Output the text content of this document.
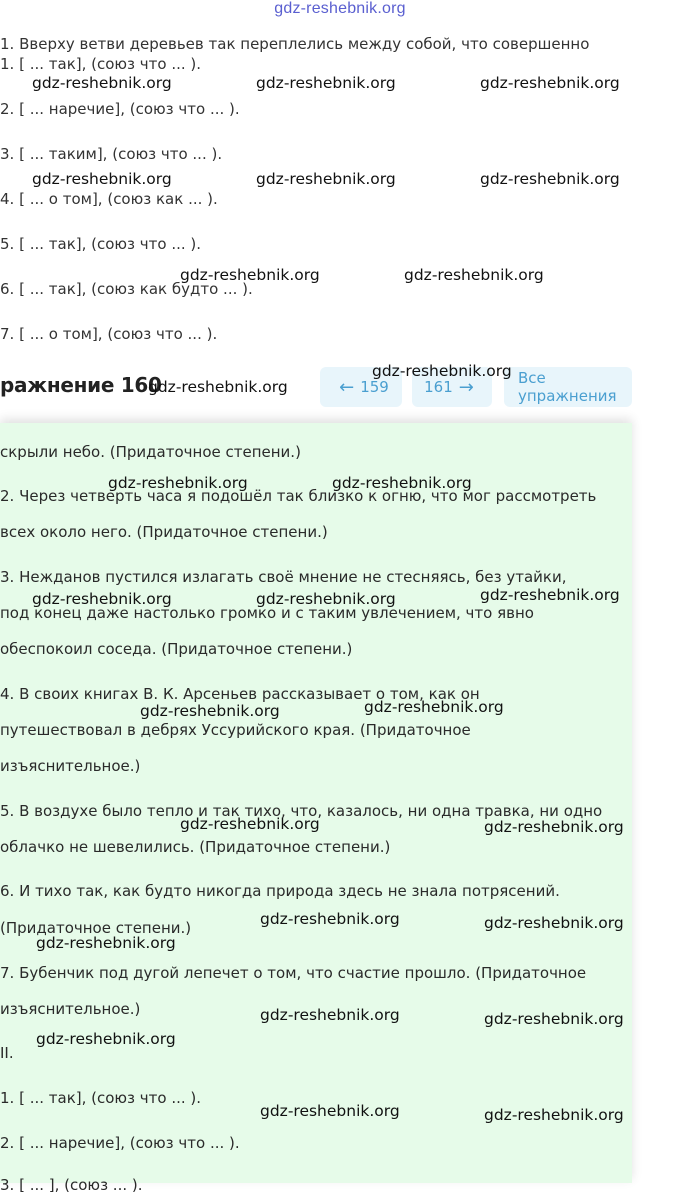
gdz-reshebnik.org
1. Вверху ветви деревьев так переплелись между собой, что совершенно
1. [ ... так], (союз что ... ).
2. [ ... наречие], (союз что ... ).
3. [ ... таким], (союз что ... ).
4. [ ... о том], (союз как ... ).
5. [ ... так], (союз что ... ).
6. [ ... так], (союз как будто ... ).
7. [ ... о том], (союз что ... ).
скрыли небо. (Придаточное степени.)
2. Через четверть часа я подошёл так близко к огню, что мог рассмотреть
всех около него. (Придаточное степени.)
3. Нежданов пустился излагать своё мнение не стесняясь, без утайки,
под конец даже настолько громко и с таким увлечением, что явно
обеспокоил соседа. (Придаточное степени.)
4. В своих книгах В. К. Арсеньев рассказывает о том, как он
путешествовал в дебрях Уссурийского края. (Придаточное
изъяснительное.)
5. В воздухе было тепло и так тихо, что, казалось, ни одна травка, ни одно
облачко не шевелились. (Придаточное степени.)
6. И тихо так, как будто никогда природа здесь не знала потрясений.
(Придаточное степени.)
7. Бубенчик под дугой лепечет о том, что счастие прошло. (Придаточное
изъяснительное.)
II.
1. [ ... так], (союз что ... ).
2. [ ... наречие], (союз что ... ).
3. [ ... ], (союз ... ).
ражнение 160	← 159 161 →	Все упражнения
gdz-reshebnik.org	gdz-reshebnik.org	gdz-reshebnik.org
gdz-reshebnik.org	gdz-reshebnik.org	gdz-reshebnik.org
gdz-reshebnik.org	gdz-reshebnik.org
gdz-reshebnik.org
gdz-reshebnik.org
gdz-reshebnik.org	gdz-reshebnik.org
gdz-reshebnik.org	gdz-reshebnik.org	gdz-reshebnik.org
gdz-reshebnik.org	gdz-reshebnik.org
gdz-reshebnik.org	gdz-reshebnik.org
gdz-reshebnik.org	gdz-reshebnik.org
gdz-reshebnik.org
gdz-reshebnik.org	gdz-reshebnik.org
gdz-reshebnik.org
gdz-reshebnik.org	gdz-reshebnik.org
